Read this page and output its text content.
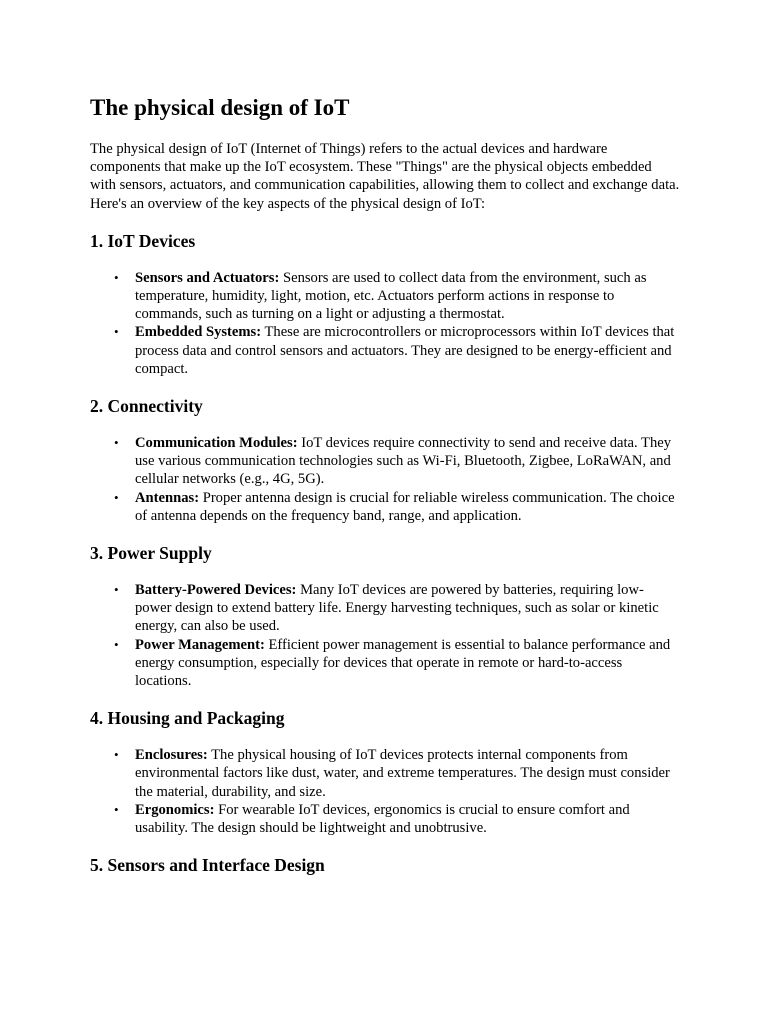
The physical design of IoT

The physical design of IoT (Internet of Things) refers to the actual devices and hardware components that make up the IoT ecosystem. These "Things" are the physical objects embedded with sensors, actuators, and communication capabilities, allowing them to collect and exchange data. Here's an overview of the key aspects of the physical design of IoT:

1. IoT Devices
• Sensors and Actuators: Sensors are used to collect data from the environment, such as temperature, humidity, light, motion, etc. Actuators perform actions in response to commands, such as turning on a light or adjusting a thermostat.
• Embedded Systems: These are microcontrollers or microprocessors within IoT devices that process data and control sensors and actuators. They are designed to be energy-efficient and compact.
2. Connectivity
• Communication Modules: IoT devices require connectivity to send and receive data. They use various communication technologies such as Wi-Fi, Bluetooth, Zigbee, LoRaWAN, and cellular networks (e.g., 4G, 5G).
• Antennas: Proper antenna design is crucial for reliable wireless communication. The choice of antenna depends on the frequency band, range, and application.
3. Power Supply
• Battery-Powered Devices: Many IoT devices are powered by batteries, requiring low-power design to extend battery life. Energy harvesting techniques, such as solar or kinetic energy, can also be used.
• Power Management: Efficient power management is essential to balance performance and energy consumption, especially for devices that operate in remote or hard-to-access locations.
4. Housing and Packaging
• Enclosures: The physical housing of IoT devices protects internal components from environmental factors like dust, water, and extreme temperatures. The design must consider the material, durability, and size.
• Ergonomics: For wearable IoT devices, ergonomics is crucial to ensure comfort and usability. The design should be lightweight and unobtrusive.
5. Sensors and Interface Design
